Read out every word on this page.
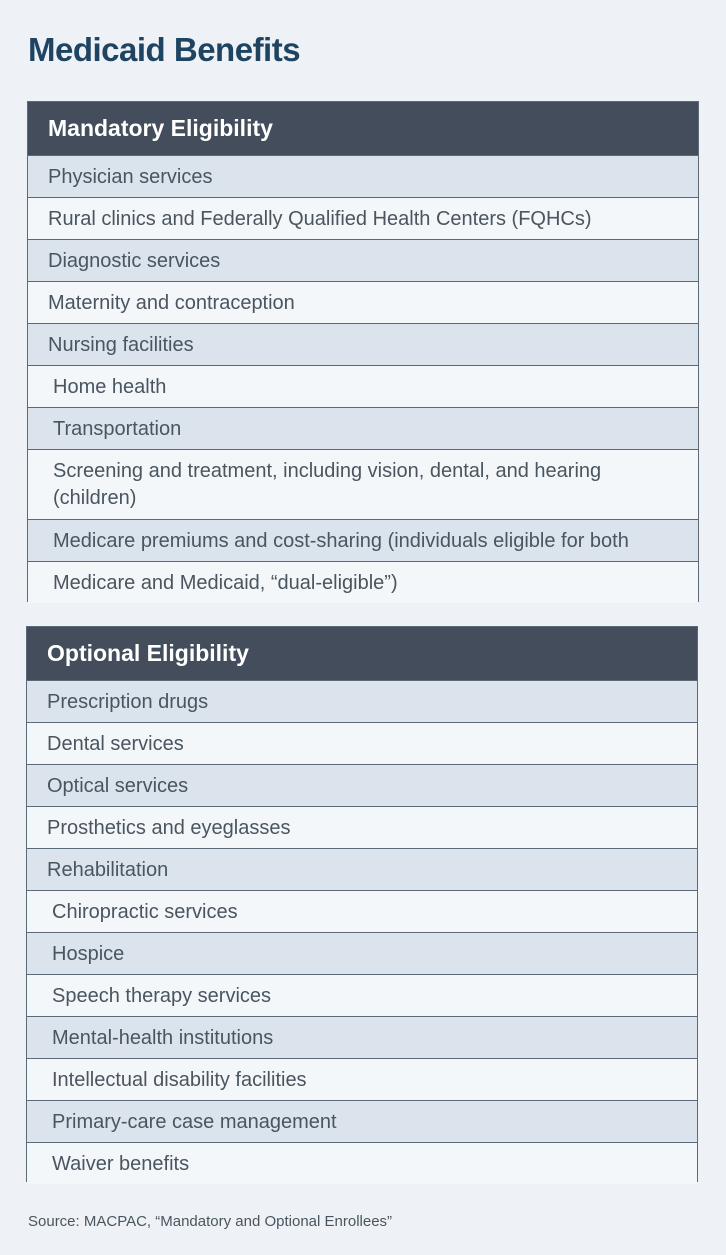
Medicaid Benefits
Mandatory Eligibility
Physician services
Rural clinics and Federally Qualified Health Centers (FQHCs)
Diagnostic services
Maternity and contraception
Nursing facilities
Home health
Transportation
Screening and treatment, including vision, dental, and hearing (children)
Medicare premiums and cost-sharing (individuals eligible for both
Medicare and Medicaid, “dual-eligible”)
Optional Eligibility
Prescription drugs
Dental services
Optical services
Prosthetics and eyeglasses
Rehabilitation
Chiropractic services
Hospice
Speech therapy services
Mental-health institutions
Intellectual disability facilities
Primary-care case management
Waiver benefits
Source: MACPAC, “Mandatory and Optional Enrollees”
